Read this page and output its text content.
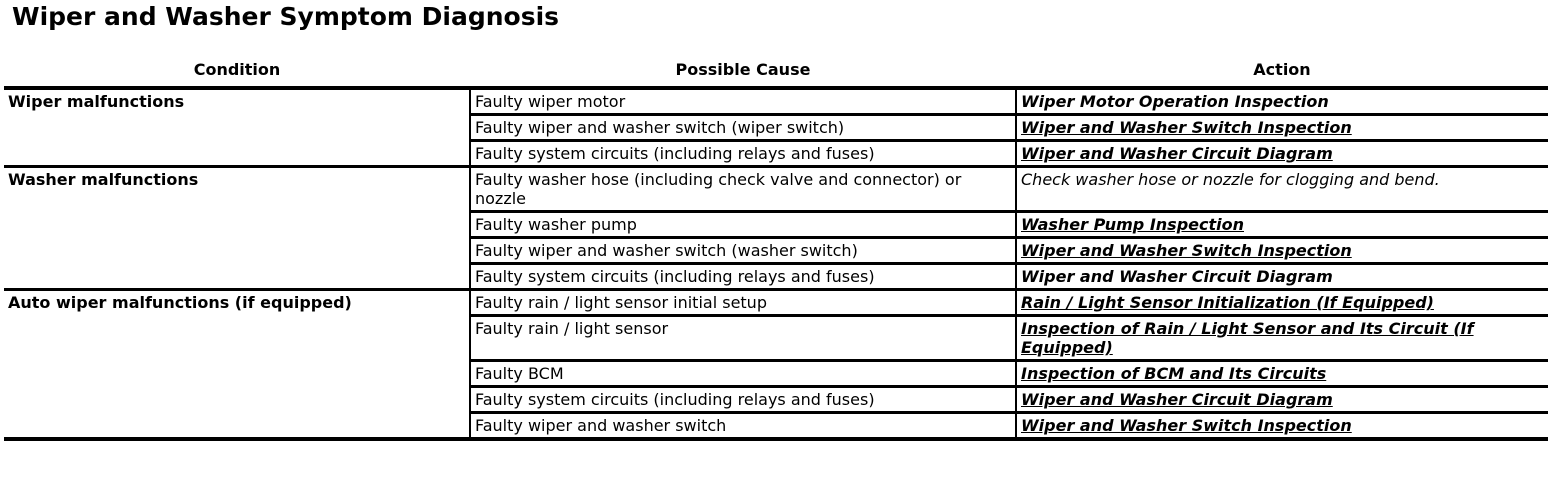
Wiper and Washer Symptom Diagnosis
Condition	Possible Cause	Action
Wiper malfunctions	Faulty wiper motor	Wiper Motor Operation Inspection
	Faulty wiper and washer switch (wiper switch)	Wiper and Washer Switch Inspection
	Faulty system circuits (including relays and fuses)	Wiper and Washer Circuit Diagram
Washer malfunctions	Faulty washer hose (including check valve and connector) or nozzle	Check washer hose or nozzle for clogging and bend.
	Faulty washer pump	Washer Pump Inspection
	Faulty wiper and washer switch (washer switch)	Wiper and Washer Switch Inspection
	Faulty system circuits (including relays and fuses)	Wiper and Washer Circuit Diagram
Auto wiper malfunctions (if equipped)	Faulty rain / light sensor initial setup	Rain / Light Sensor Initialization (If Equipped)
	Faulty rain / light sensor	Inspection of Rain / Light Sensor and Its Circuit (If Equipped)
	Faulty BCM	Inspection of BCM and Its Circuits
	Faulty system circuits (including relays and fuses)	Wiper and Washer Circuit Diagram
	Faulty wiper and washer switch	Wiper and Washer Switch Inspection
